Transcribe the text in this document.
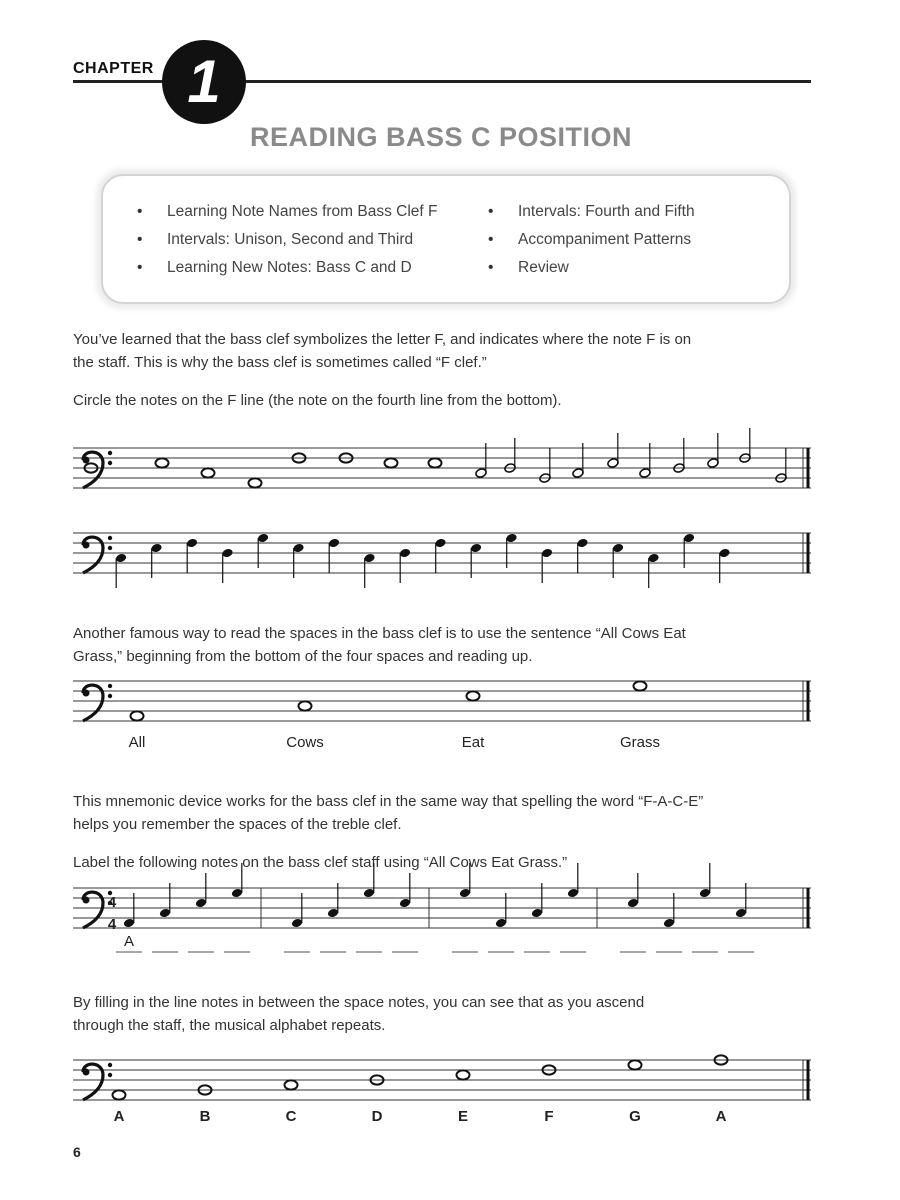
CHAPTER 1
READING BASS C POSITION
• Learning Note Names from Bass Clef F
• Intervals: Unison, Second and Third
• Learning New Notes: Bass C and D
• Intervals: Fourth and Fifth
• Accompaniment Patterns
• Review
You’ve learned that the bass clef symbolizes the letter F, and indicates where the note F is on
the staff. This is why the bass clef is sometimes called “F clef.”
Circle the notes on the F line (the note on the fourth line from the bottom).
Another famous way to read the spaces in the bass clef is to use the sentence “All Cows Eat
Grass,” beginning from the bottom of the four spaces and reading up.
All	Cows	Eat	Grass
This mnemonic device works for the bass clef in the same way that spelling the word “F-A-C-E”
helps you remember the spaces of the treble clef.
Label the following notes on the bass clef staff using “All Cows Eat Grass.”
4
4
A
By filling in the line notes in between the space notes, you can see that as you ascend
through the staff, the musical alphabet repeats.
A	B	C	D	E	F	G	A
6
